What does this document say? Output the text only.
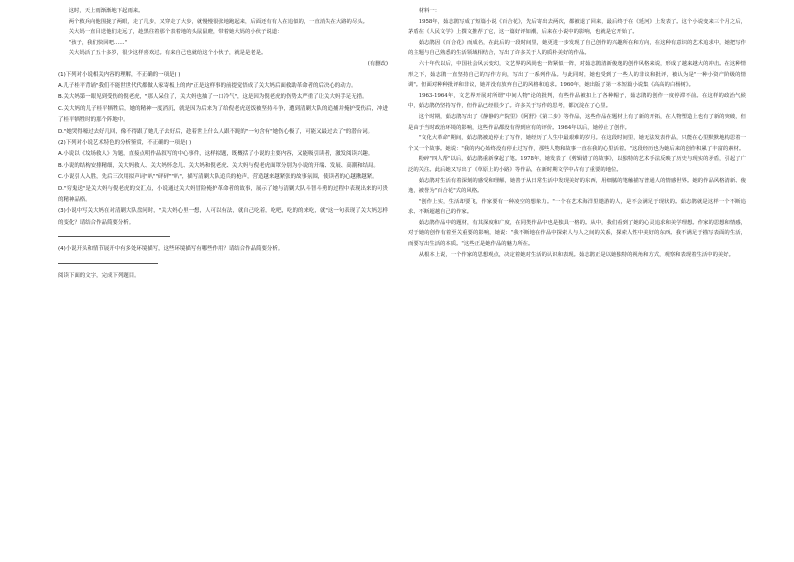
这时，天上雨渐渐地下起雨来。

两个救兵向他围拢了两眼，走了几步，又穿走了大步，就慢慢很张地跑起来，后面还有有人在追似的，一直消失在大路的尽头。

关大妈一直目送他们走远了，趁黑往着那个表着地的头鼠鼠瞪，带着她大妈的小伙子说道：

"孩子，我们快回吧……"

关大妈活了五十多岁，很少这样喜欢过。有来自己也就给这个小伙子，就是是老是。

(有删改)

(1)下列对小说相关内容的理解，不正确的一项是( )

A.儿子桂平背诵"我们不能世世代代都做人家寄板上的肉"正是这样事的前提觉悟成了关大妈后面救助革命者的后决心的动力。

B.关大妈第一眼见到受伤的倪老虎，"那人呆住了，关大妈也抽了一口冷气"，这是因为倪老虎的伤势太严重了让关大妈手足无措。

C.关大妈的儿子桂平牺牲后，她的精神一度消沉，就是因为后来为了给倪老虎送饭被坚持斗争，遭到清剿大队的追捕并掩护受伤后，冲进了桂平牺牲时的那个阵地中。

D."她哭得嚎过去好几回，像不得跟了她儿子去好后，趁着世上什么人跟不跪的"一句含有"她伤心极了，可能又最过去了"的潜台词。

(2)下列对小说艺术特色的分析鉴赏，不正确的一项是( )

A.小说以《坟场救人》为题，直接点明作品叙写的中心事件，这样拟题，既概括了小说的主要内容，又能吸引读者，激发阅读兴趣。

B.小说的结构安排精细，关大妈救人、关大妈怀念儿、关大妈和倪老虎、关大妈与倪老虎面罩分别为小说的开端、发展、高潮和结局。

C.小说引人入胜，先后三次用拟声词"叭""砰砰""叭"，描写清剿大队追兵的枪声，营造越来越紧张的故事氛围，使读者的心越揪越紧。

D."穷鬼送"是关大妈与倪老虎的交汇点，小说通过关大妈冒险掩护革命者的故事，展示了她与清剿大队斗智斗勇的过程中表现出来的可贵的精神品格。

(3)小说中写关大妈在对清剿大队盘问时，"关大妈心里一想，人可以有法，就自己吃着，吃吧，吃的的来吃，就"这一句表现了关大妈怎样的变化？请结合作品简要分析。

(4)小说开头和情节展开中有多处环境描写，这些环境描写有哪些作用？请结合作品简要分析。

阅读下面的文字，完成下列题目。

材料一：

1958年，茹志鹃写成了短篇小说《百合花》，先后寄出去两次，都被退了回来，最后终于在《延河》上发表了。这个小说变来三个月之后，茅盾在《人民文学》上撰文推荐了它，这一篇好评如潮，后来在小说中的影响，也就是它开始了。

茹志鹃因《百合花》而成名，在此后的一段时间里，她更进一步发现了自己创作的兴趣所在和方向，在这种有意识的艺术追求中，她把写作的主题与自己熟悉的生活领域相结合，写出了许多关于人的质朴美好的作品。

六十年代以后，中国社会风云变幻，文艺界的风尚也一阵紧似一阵，对茹志鹃清新俊逸的创作风格来说，形成了越来越大的冲击。在这种情形之下，茹志鹃一直坚持自己的写作方向，写出了一系列作品。与此同时，她也受到了一些人的非议和批评，被认为是"一种小资产阶级的情调"。但面对种种批评和非议，她并没有放弃自己的风格和追求。1960年，她出版了第一本短篇小说集《高高的白杨树》。

1963-1964年，文艺界开展对所谓"中间人物"论的批判，有些作品被扣上了各种帽子，茹志鹃的创作一度停滞不前。在这样的政治气候中，茹志鹃仍坚持写作，但作品已经很少了。许多关于写作的思考，都沉淀在了心里。

这个时期，茹志鹃写出了《静静的产院里》《阿舒》《第二步》等作品，这些作品在题材上有了新的开拓，在人物塑造上也有了新的突破，但是由于当时政治环境的影响，这些作品都没有得到应有的评价。1964年以后，她停止了创作。

"文化大革命"期间，茹志鹃被迫停止了写作，她经历了人生中最艰难的岁月。在这段时间里，她无法发表作品，只能在心里默默地构思着一个又一个故事。她说："我的内心始终没有停止过写作，那些人物和故事一直在我的心里活着。"这段经历也为她后来的创作积累了丰富的素材。

粉碎"四人帮"以后，茹志鹃重新拿起了笔。1978年，她发表了《剪辑错了的故事》，以独特的艺术手法反映了历史与现实的矛盾，引起了广泛的关注。此后她又写出了《草原上的小路》等作品，在新时期文学中占有了重要的地位。

茹志鹃对生活有着深刻的感受和理解，她善于从日常生活中发现美好的东西，用细腻的笔触描写普通人的情感世界。她的作品风格清新、俊逸，被誉为"百合花"式的风格。

"创作上实，生活却要飞，作家要有一种凌空的想象力。"一个在艺术海洋里遨游的人，是不会满足于现状的。茹志鹃就是这样一个不断追求、不断超越自己的作家。

茹志鹃作品中的题材，有其深度和广度，在同类作品中也是独具一格的。从中，我们看到了她的心灵追求和美学理想。作家的思想和情感，对于她的创作有着至关重要的影响，她说："我不断地在作品中探索人与人之间的关系，探索人性中美好的东西。我不满足于描写表面的生活，而要写出生活的本质。"这些正是她作品的魅力所在。

从根本上说，一个作家的思想观点，决定着她对生活的认识和表现。茹志鹃正是以她独特的视角和方式，观察和表现着生活中的美好。
